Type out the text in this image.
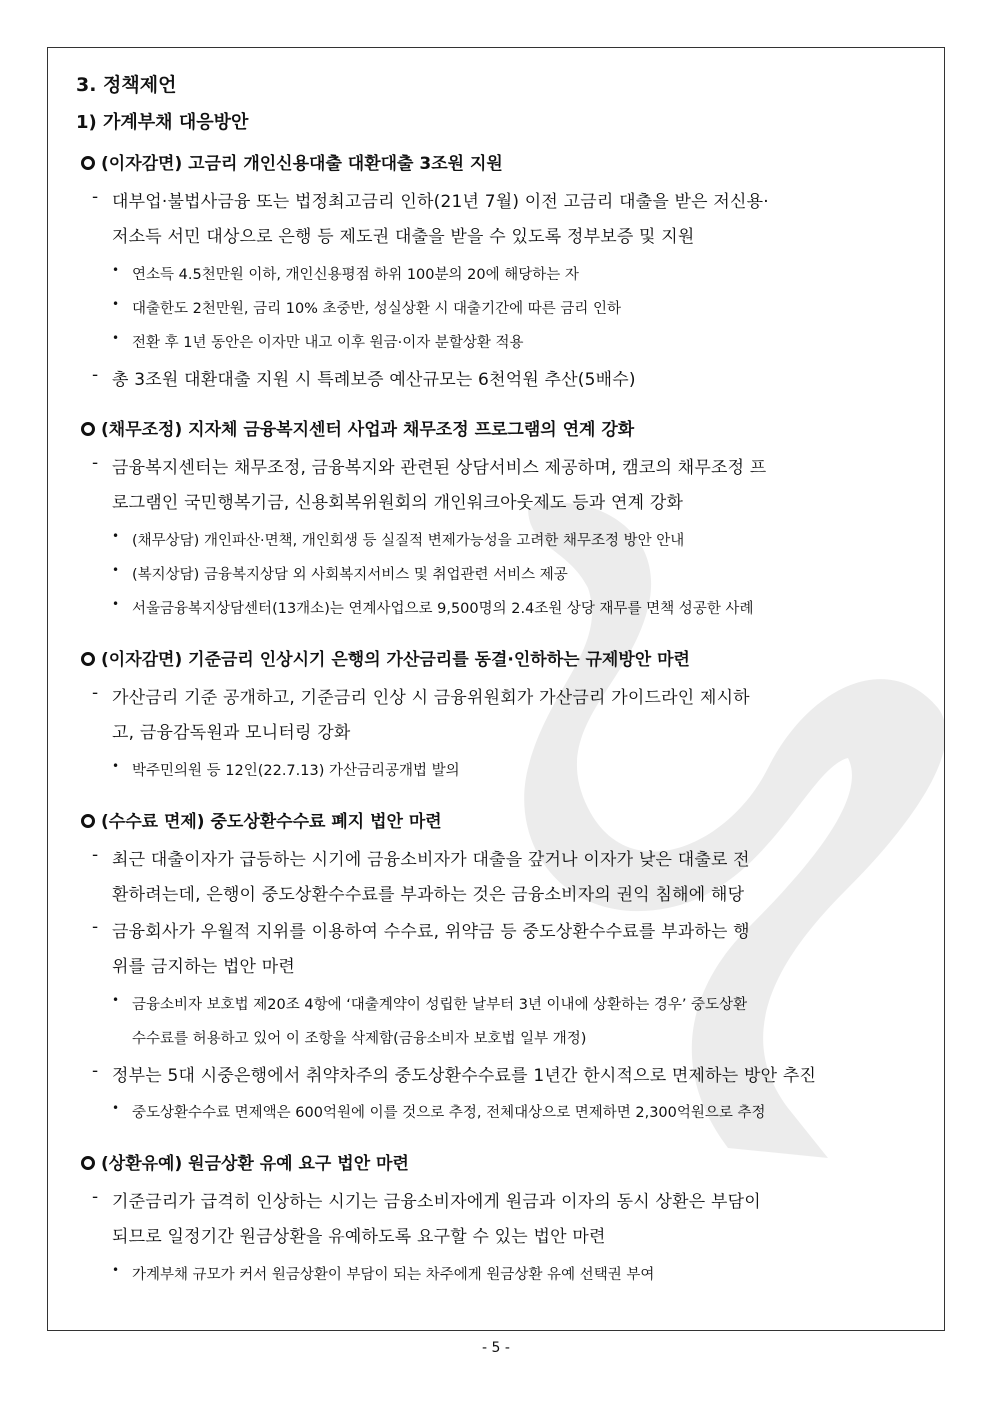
3. 정책제언
1) 가계부채 대응방안
(이자감면) 고금리 개인신용대출 대환대출 3조원 지원
- 대부업·불법사금융 또는 법정최고금리 인하(21년 7월) 이전 고금리 대출을 받은 저신용·
저소득 서민 대상으로 은행 등 제도권 대출을 받을 수 있도록 정부보증 및 지원
• 연소득 4.5천만원 이하, 개인신용평점 하위 100분의 20에 해당하는 자
• 대출한도 2천만원, 금리 10% 초중반, 성실상환 시 대출기간에 따른 금리 인하
• 전환 후 1년 동안은 이자만 내고 이후 원금·이자 분할상환 적용
- 총 3조원 대환대출 지원 시 특례보증 예산규모는 6천억원 추산(5배수)
(채무조정) 지자체 금융복지센터 사업과 채무조정 프로그램의 연계 강화
- 금융복지센터는 채무조정, 금융복지와 관련된 상담서비스 제공하며, 캠코의 채무조정 프
로그램인 국민행복기금, 신용회복위원회의 개인워크아웃제도 등과 연계 강화
• (채무상담) 개인파산·면책, 개인회생 등 실질적 변제가능성을 고려한 채무조정 방안 안내
• (복지상담) 금융복지상담 외 사회복지서비스 및 취업관련 서비스 제공
• 서울금융복지상담센터(13개소)는 연계사업으로 9,500명의 2.4조원 상당 재무를 면책 성공한 사례
(이자감면) 기준금리 인상시기 은행의 가산금리를 동결·인하하는 규제방안 마련
- 가산금리 기준 공개하고, 기준금리 인상 시 금융위원회가 가산금리 가이드라인 제시하
고, 금융감독원과 모니터링 강화
• 박주민의원 등 12인(22.7.13) 가산금리공개법 발의
(수수료 면제) 중도상환수수료 폐지 법안 마련
- 최근 대출이자가 급등하는 시기에 금융소비자가 대출을 갚거나 이자가 낮은 대출로 전
환하려는데, 은행이 중도상환수수료를 부과하는 것은 금융소비자의 권익 침해에 해당
- 금융회사가 우월적 지위를 이용하여 수수료, 위약금 등 중도상환수수료를 부과하는 행
위를 금지하는 법안 마련
• 금융소비자 보호법 제20조 4항에 ‘대출계약이 성립한 날부터 3년 이내에 상환하는 경우’ 중도상환
수수료를 허용하고 있어 이 조항을 삭제함(금융소비자 보호법 일부 개정)
- 정부는 5대 시중은행에서 취약차주의 중도상환수수료를 1년간 한시적으로 면제하는 방안 추진
• 중도상환수수료 면제액은 600억원에 이를 것으로 추정, 전체대상으로 면제하면 2,300억원으로 추정
(상환유예) 원금상환 유예 요구 법안 마련
- 기준금리가 급격히 인상하는 시기는 금융소비자에게 원금과 이자의 동시 상환은 부담이
되므로 일정기간 원금상환을 유예하도록 요구할 수 있는 법안 마련
• 가계부채 규모가 커서 원금상환이 부담이 되는 차주에게 원금상환 유예 선택권 부여
- 5 -
